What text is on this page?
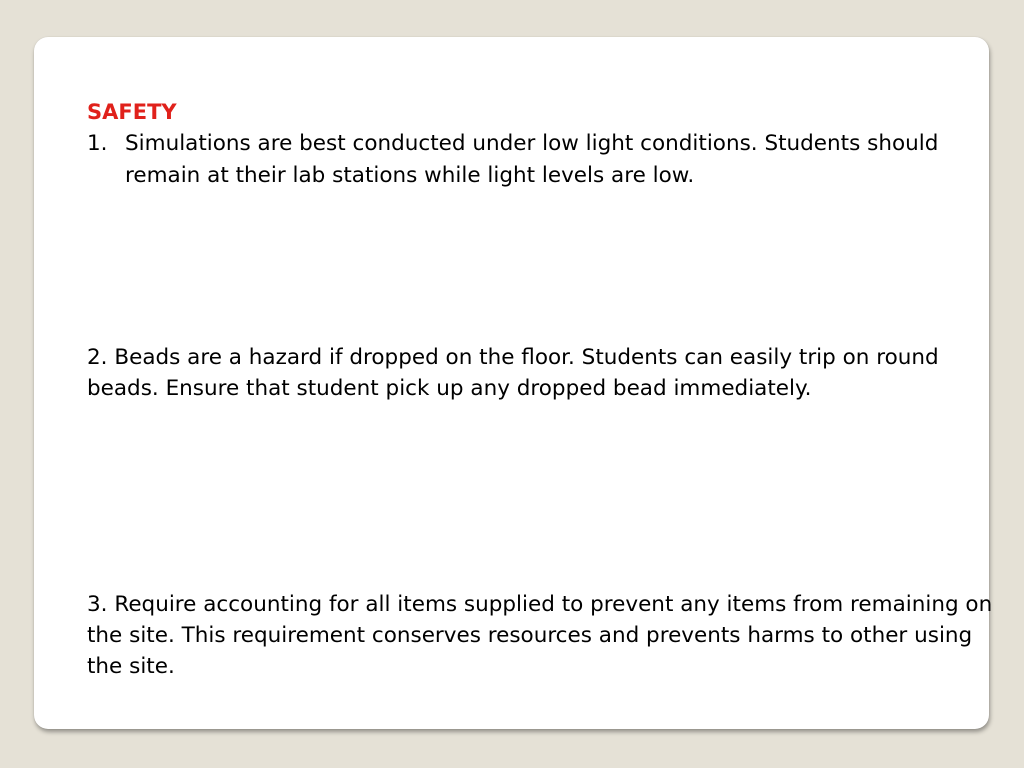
SAFETY

1. Simulations are best conducted under low light conditions. Students should remain at their lab stations while light levels are low.

2. Beads are a hazard if dropped on the floor. Students can easily trip on round beads. Ensure that student pick up any dropped bead immediately.

3. Require accounting for all items supplied to prevent any items from remaining on the site. This requirement conserves resources and prevents harms to other using the site.
